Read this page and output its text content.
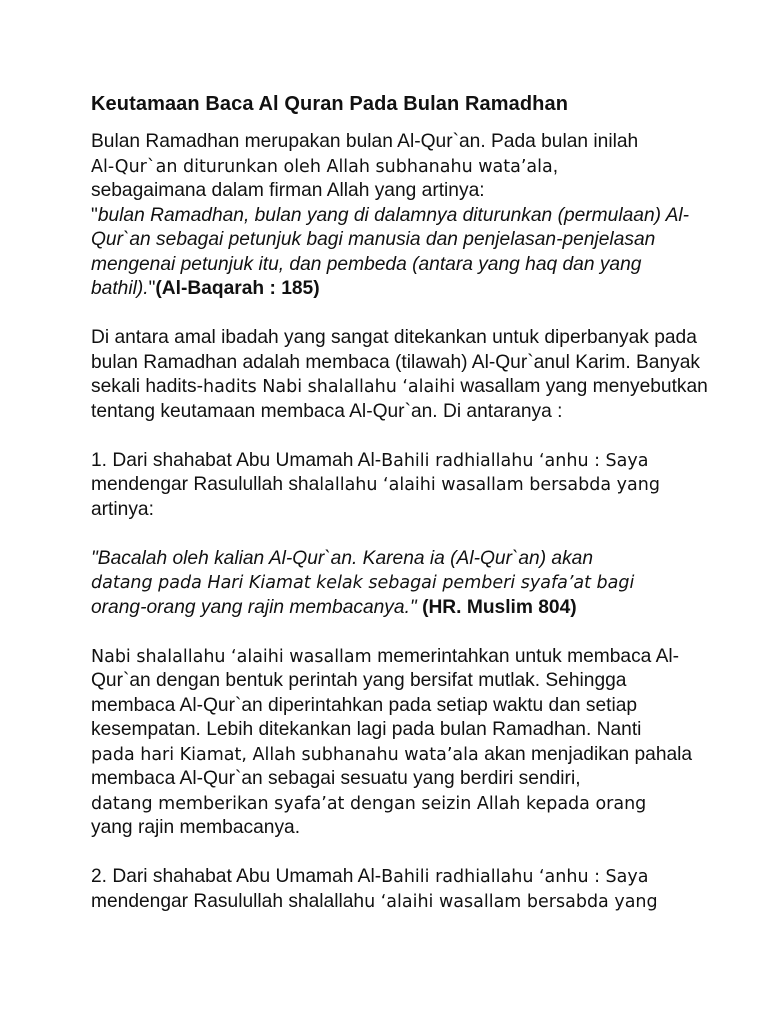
Keutamaan Baca Al Quran Pada Bulan Ramadhan

Bulan Ramadhan merupakan bulan Al-Qur`an. Pada bulan inilah
Al-Qur`an diturunkan oleh Allah subhanahu wata’ala,
sebagaimana dalam firman Allah yang artinya:
"bulan Ramadhan, bulan yang di dalamnya diturunkan (permulaan) Al-Qur`an sebagai petunjuk bagi manusia dan penjelasan-penjelasan mengenai petunjuk itu, dan pembeda (antara yang haq dan yang bathil)."(Al-Baqarah : 185)

Di antara amal ibadah yang sangat ditekankan untuk diperbanyak pada bulan Ramadhan adalah membaca (tilawah) Al-Qur`anul Karim. Banyak sekali hadits-hadits Nabi shalallahu ‘alaihi wasallam yang menyebutkan tentang keutamaan membaca Al-Qur`an. Di antaranya :

1. Dari shahabat Abu Umamah Al-Bahili radhiallahu ‘anhu : Saya
mendengar Rasulullah shalallahu ‘alaihi wasallam bersabda yang
artinya:

"Bacalah oleh kalian Al-Qur`an. Karena ia (Al-Qur`an) akan
datang pada Hari Kiamat kelak sebagai pemberi syafa’at bagi
orang-orang yang rajin membacanya." (HR. Muslim 804)

Nabi shalallahu ‘alaihi wasallam memerintahkan untuk membaca Al-Qur`an dengan bentuk perintah yang bersifat mutlak. Sehingga membaca Al-Qur`an diperintahkan pada setiap waktu dan setiap kesempatan. Lebih ditekankan lagi pada bulan Ramadhan. Nanti
pada hari Kiamat, Allah subhanahu wata’ala akan menjadikan pahala membaca Al-Qur`an sebagai sesuatu yang berdiri sendiri,
datang memberikan syafa’at dengan seizin Allah kepada orang
yang rajin membacanya.

2. Dari shahabat Abu Umamah Al-Bahili radhiallahu ‘anhu : Saya
mendengar Rasulullah shalallahu ‘alaihi wasallam bersabda yang
